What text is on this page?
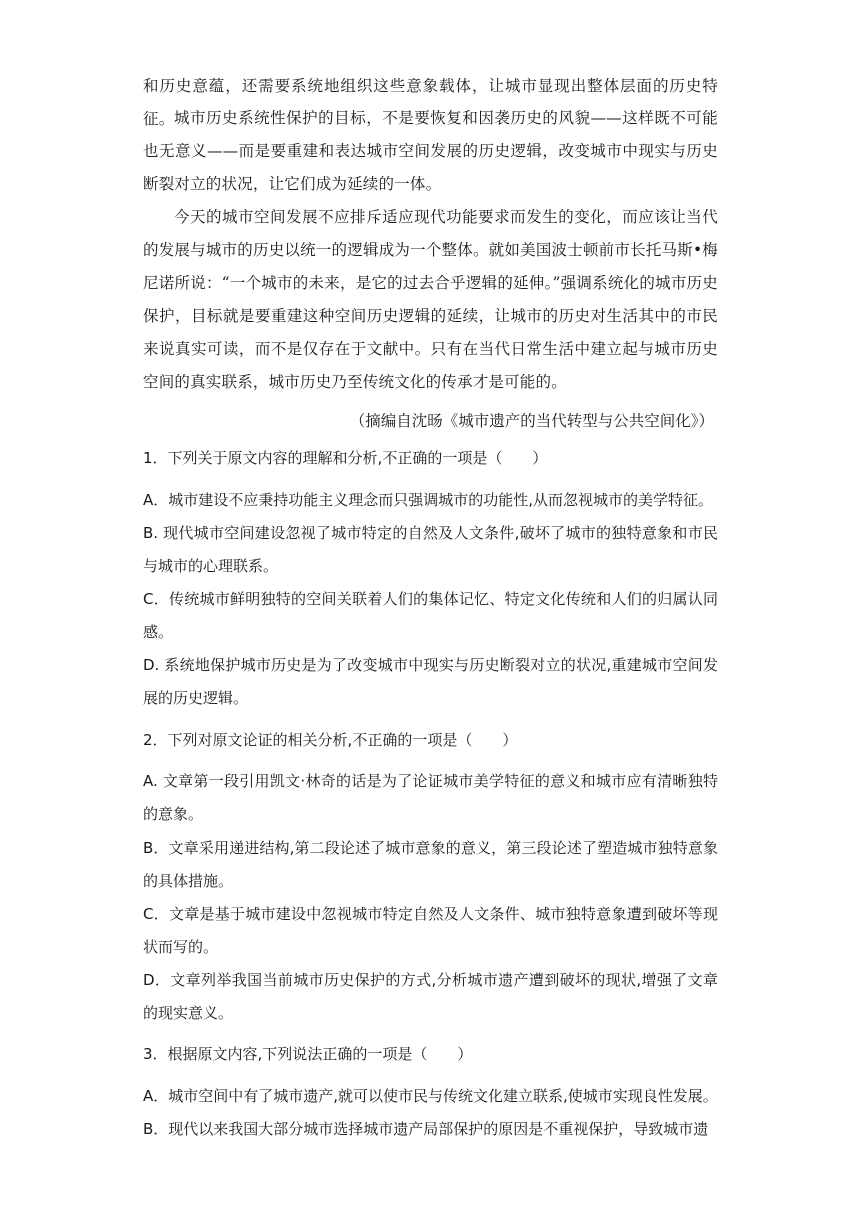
和历史意蕴，还需要系统地组织这些意象载体，让城市显现出整体层面的历史特征。 城市历史系统性保护的目标，不是要恢复和因袭历史的风貌——这样既不可能也无意义——而是要重建和表达城市空间发展的历史逻辑，改变城市中现实与历史断裂对立的状况，让它们成为延续的一体。

今天的城市空间发展不应排斥适应现代功能要求而发生的变化，而应该让当代的发展与城市的历史以统一的逻辑成为一个整体。就如美国波士顿前市长托马斯•梅尼诺所说：“一个城市的未来，是它的过去合乎逻辑的延伸。”强调系统化的城市历史保护，目标就是要重建这种空间历史逻辑的延续，让城市的历史对生活其中的市民来说真实可读，而不是仅存在于文献中。只有在当代日常生活中建立起与城市历史空间的真实联系，城市历史乃至传统文化的传承才是可能的。

（摘编自沈旸《城市遗产的当代转型与公共空间化》）

1．下列关于原文内容的理解和分析,不正确的一项是（　　）

A．城市建设不应秉持功能主义理念而只强调城市的功能性,从而忽视城市的美学特征。

B. 现代城市空间建设忽视了城市特定的自然及人文条件,破坏了城市的独特意象和市民与城市的心理联系。

C．传统城市鲜明独特的空间关联着人们的集体记忆、特定文化传统和人们的归属认同感。

D. 系统地保护城市历史是为了改变城市中现实与历史断裂对立的状况,重建城市空间发展的历史逻辑。

2．下列对原文论证的相关分析,不正确的一项是（　　）

A. 文章第一段引用凯文·林奇的话是为了论证城市美学特征的意义和城市应有清晰独特的意象。

B．文章采用递进结构,第二段论述了城市意象的意义，第三段论述了塑造城市独特意象的具体措施。

C．文章是基于城市建设中忽视城市特定自然及人文条件、城市独特意象遭到破坏等现状而写的。

D．文章列举我国当前城市历史保护的方式,分析城市遗产遭到破坏的现状,增强了文章的现实意义。

3．根据原文内容,下列说法正确的一项是（　　）

A．城市空间中有了城市遗产,就可以使市民与传统文化建立联系,使城市实现良性发展。

B．现代以来我国大部分城市选择城市遗产局部保护的原因是不重视保护，导致城市遗
